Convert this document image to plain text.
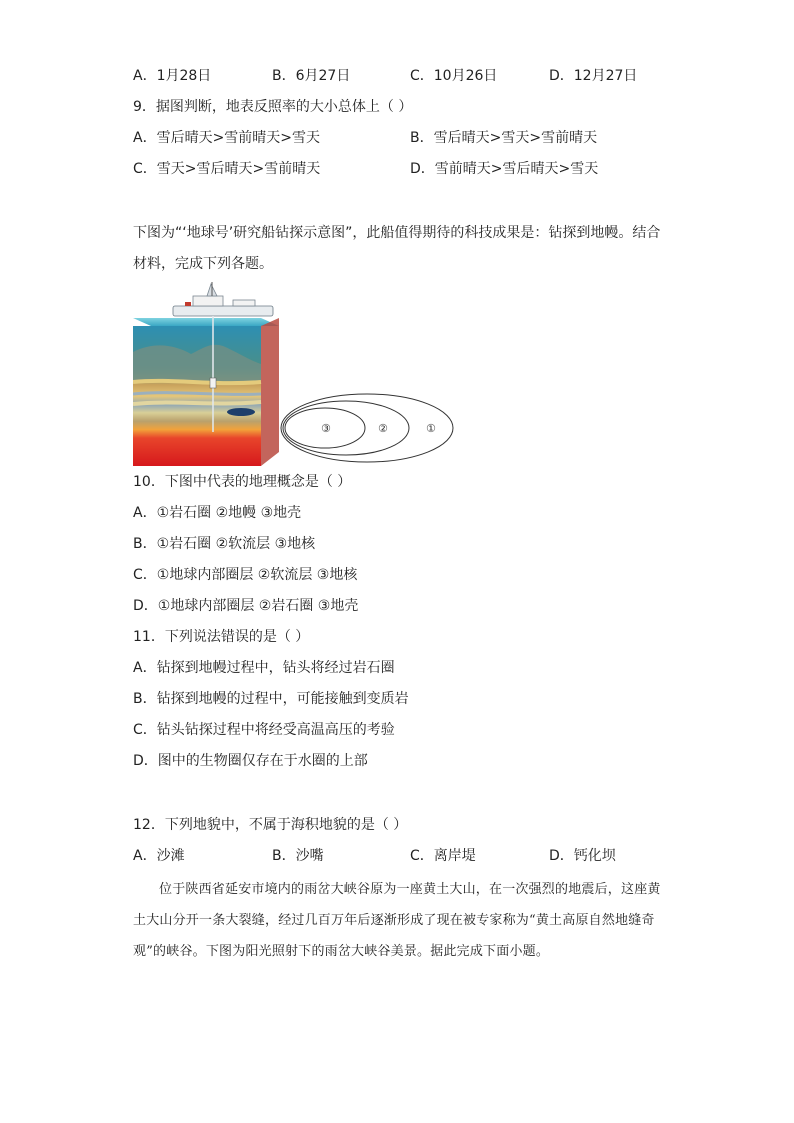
A．1月28日	B．6月27日	C．10月26日	D．12月27日
9．据图判断，地表反照率的大小总体上（ ）
A．雪后晴天>雪前晴天>雪天	B．雪后晴天>雪天>雪前晴天
C．雪天>雪后晴天>雪前晴天	D．雪前晴天>雪后晴天>雪天
下图为“‘地球号’研究船钻探示意图”，此船值得期待的科技成果是：钻探到地幔。结合材料，完成下列各题。
③	②	①
10．下图中代表的地理概念是（ ）
A．①岩石圈 ②地幔 ③地壳
B．①岩石圈 ②软流层 ③地核
C．①地球内部圈层 ②软流层 ③地核
D．①地球内部圈层 ②岩石圈 ③地壳
11．下列说法错误的是（ ）
A．钻探到地幔过程中，钻头将经过岩石圈
B．钻探到地幔的过程中，可能接触到变质岩
C．钻头钻探过程中将经受高温高压的考验
D．图中的生物圈仅存在于水圈的上部
12．下列地貌中，不属于海积地貌的是（ ）
A．沙滩	B．沙嘴	C．离岸堤	D．钙化坝
位于陕西省延安市境内的雨岔大峡谷原为一座黄土大山，在一次强烈的地震后，这座黄土大山分开一条大裂缝，经过几百万年后逐渐形成了现在被专家称为“黄土高原自然地缝奇观”的峡谷。下图为阳光照射下的雨岔大峡谷美景。据此完成下面小题。
